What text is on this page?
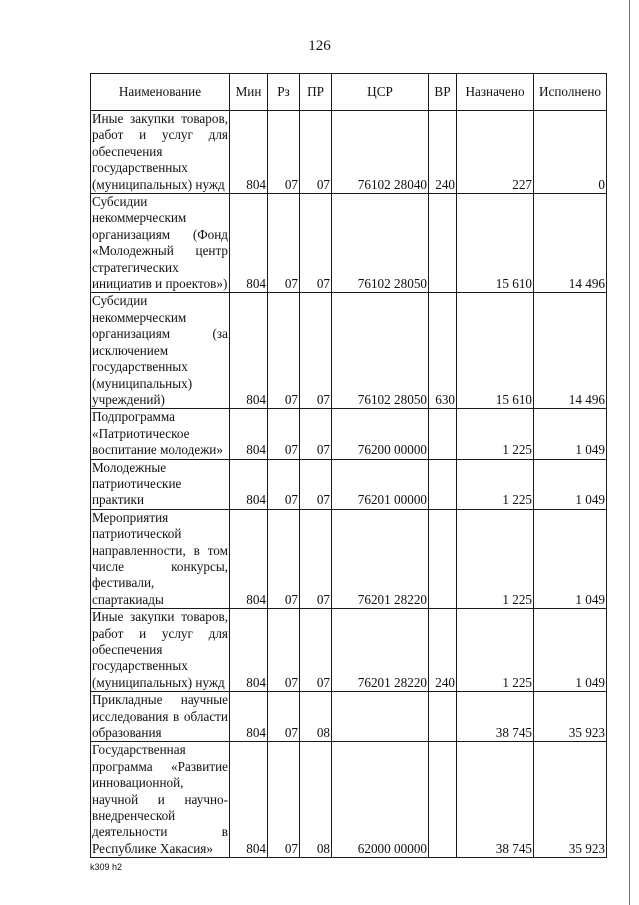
126
Наименование	Мин	Рз	ПР	ЦСР	ВР	Назначено	Исполнено
Иные закупки товаров, работ и услуг для обеспечения государственных (муниципальных) нужд	804	07	07	76102 28040	240	227	0
Субсидии некоммерческим организациям (Фонд «Молодежный центр стратегических инициатив и проектов»)	804	07	07	76102 28050		15 610	14 496
Субсидии некоммерческим организациям (за исключением государственных (муниципальных) учреждений)	804	07	07	76102 28050	630	15 610	14 496
Подпрограмма «Патриотическое воспитание молодежи»	804	07	07	76200 00000		1 225	1 049
Молодежные патриотические практики	804	07	07	76201 00000		1 225	1 049
Мероприятия патриотической направленности, в том числе конкурсы, фестивали, спартакиады	804	07	07	76201 28220		1 225	1 049
Иные закупки товаров, работ и услуг для обеспечения государственных (муниципальных) нужд	804	07	07	76201 28220	240	1 225	1 049
Прикладные научные исследования в области образования	804	07	08			38 745	35 923
Государственная программа «Развитие инновационной, научной и научно-внедренческой деятельности в Республике Хакасия»	804	07	08	62000 00000		38 745	35 923
k309 h2
